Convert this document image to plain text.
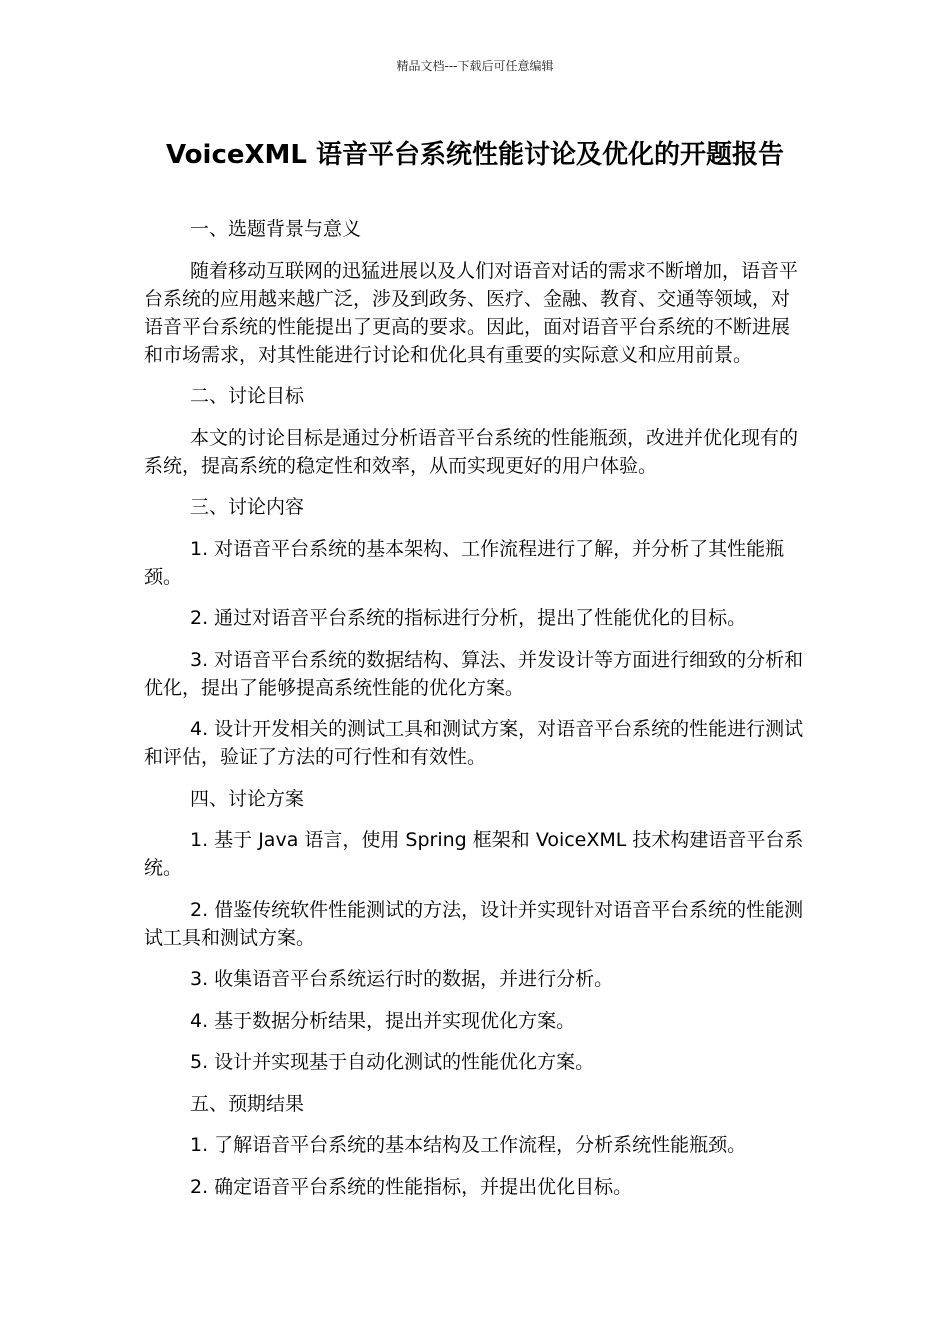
精品文档---下载后可任意编辑
VoiceXML 语音平台系统性能讨论及优化的开题报告

一、选题背景与意义

随着移动互联网的迅猛进展以及人们对语音对话的需求不断增加，语音平台系统的应用越来越广泛，涉及到政务、医疗、金融、教育、交通等领域，对语音平台系统的性能提出了更高的要求。因此，面对语音平台系统的不断进展和市场需求，对其性能进行讨论和优化具有重要的实际意义和应用前景。

二、讨论目标

本文的讨论目标是通过分析语音平台系统的性能瓶颈，改进并优化现有的系统，提高系统的稳定性和效率，从而实现更好的用户体验。

三、讨论内容

1. 对语音平台系统的基本架构、工作流程进行了解，并分析了其性能瓶颈。

2. 通过对语音平台系统的指标进行分析，提出了性能优化的目标。

3. 对语音平台系统的数据结构、算法、并发设计等方面进行细致的分析和优化，提出了能够提高系统性能的优化方案。

4. 设计开发相关的测试工具和测试方案，对语音平台系统的性能进行测试和评估，验证了方法的可行性和有效性。

四、讨论方案

1. 基于 Java 语言，使用 Spring 框架和 VoiceXML 技术构建语音平台系统。

2. 借鉴传统软件性能测试的方法，设计并实现针对语音平台系统的性能测试工具和测试方案。

3. 收集语音平台系统运行时的数据，并进行分析。

4. 基于数据分析结果，提出并实现优化方案。

5. 设计并实现基于自动化测试的性能优化方案。

五、预期结果

1. 了解语音平台系统的基本结构及工作流程，分析系统性能瓶颈。

2. 确定语音平台系统的性能指标，并提出优化目标。
